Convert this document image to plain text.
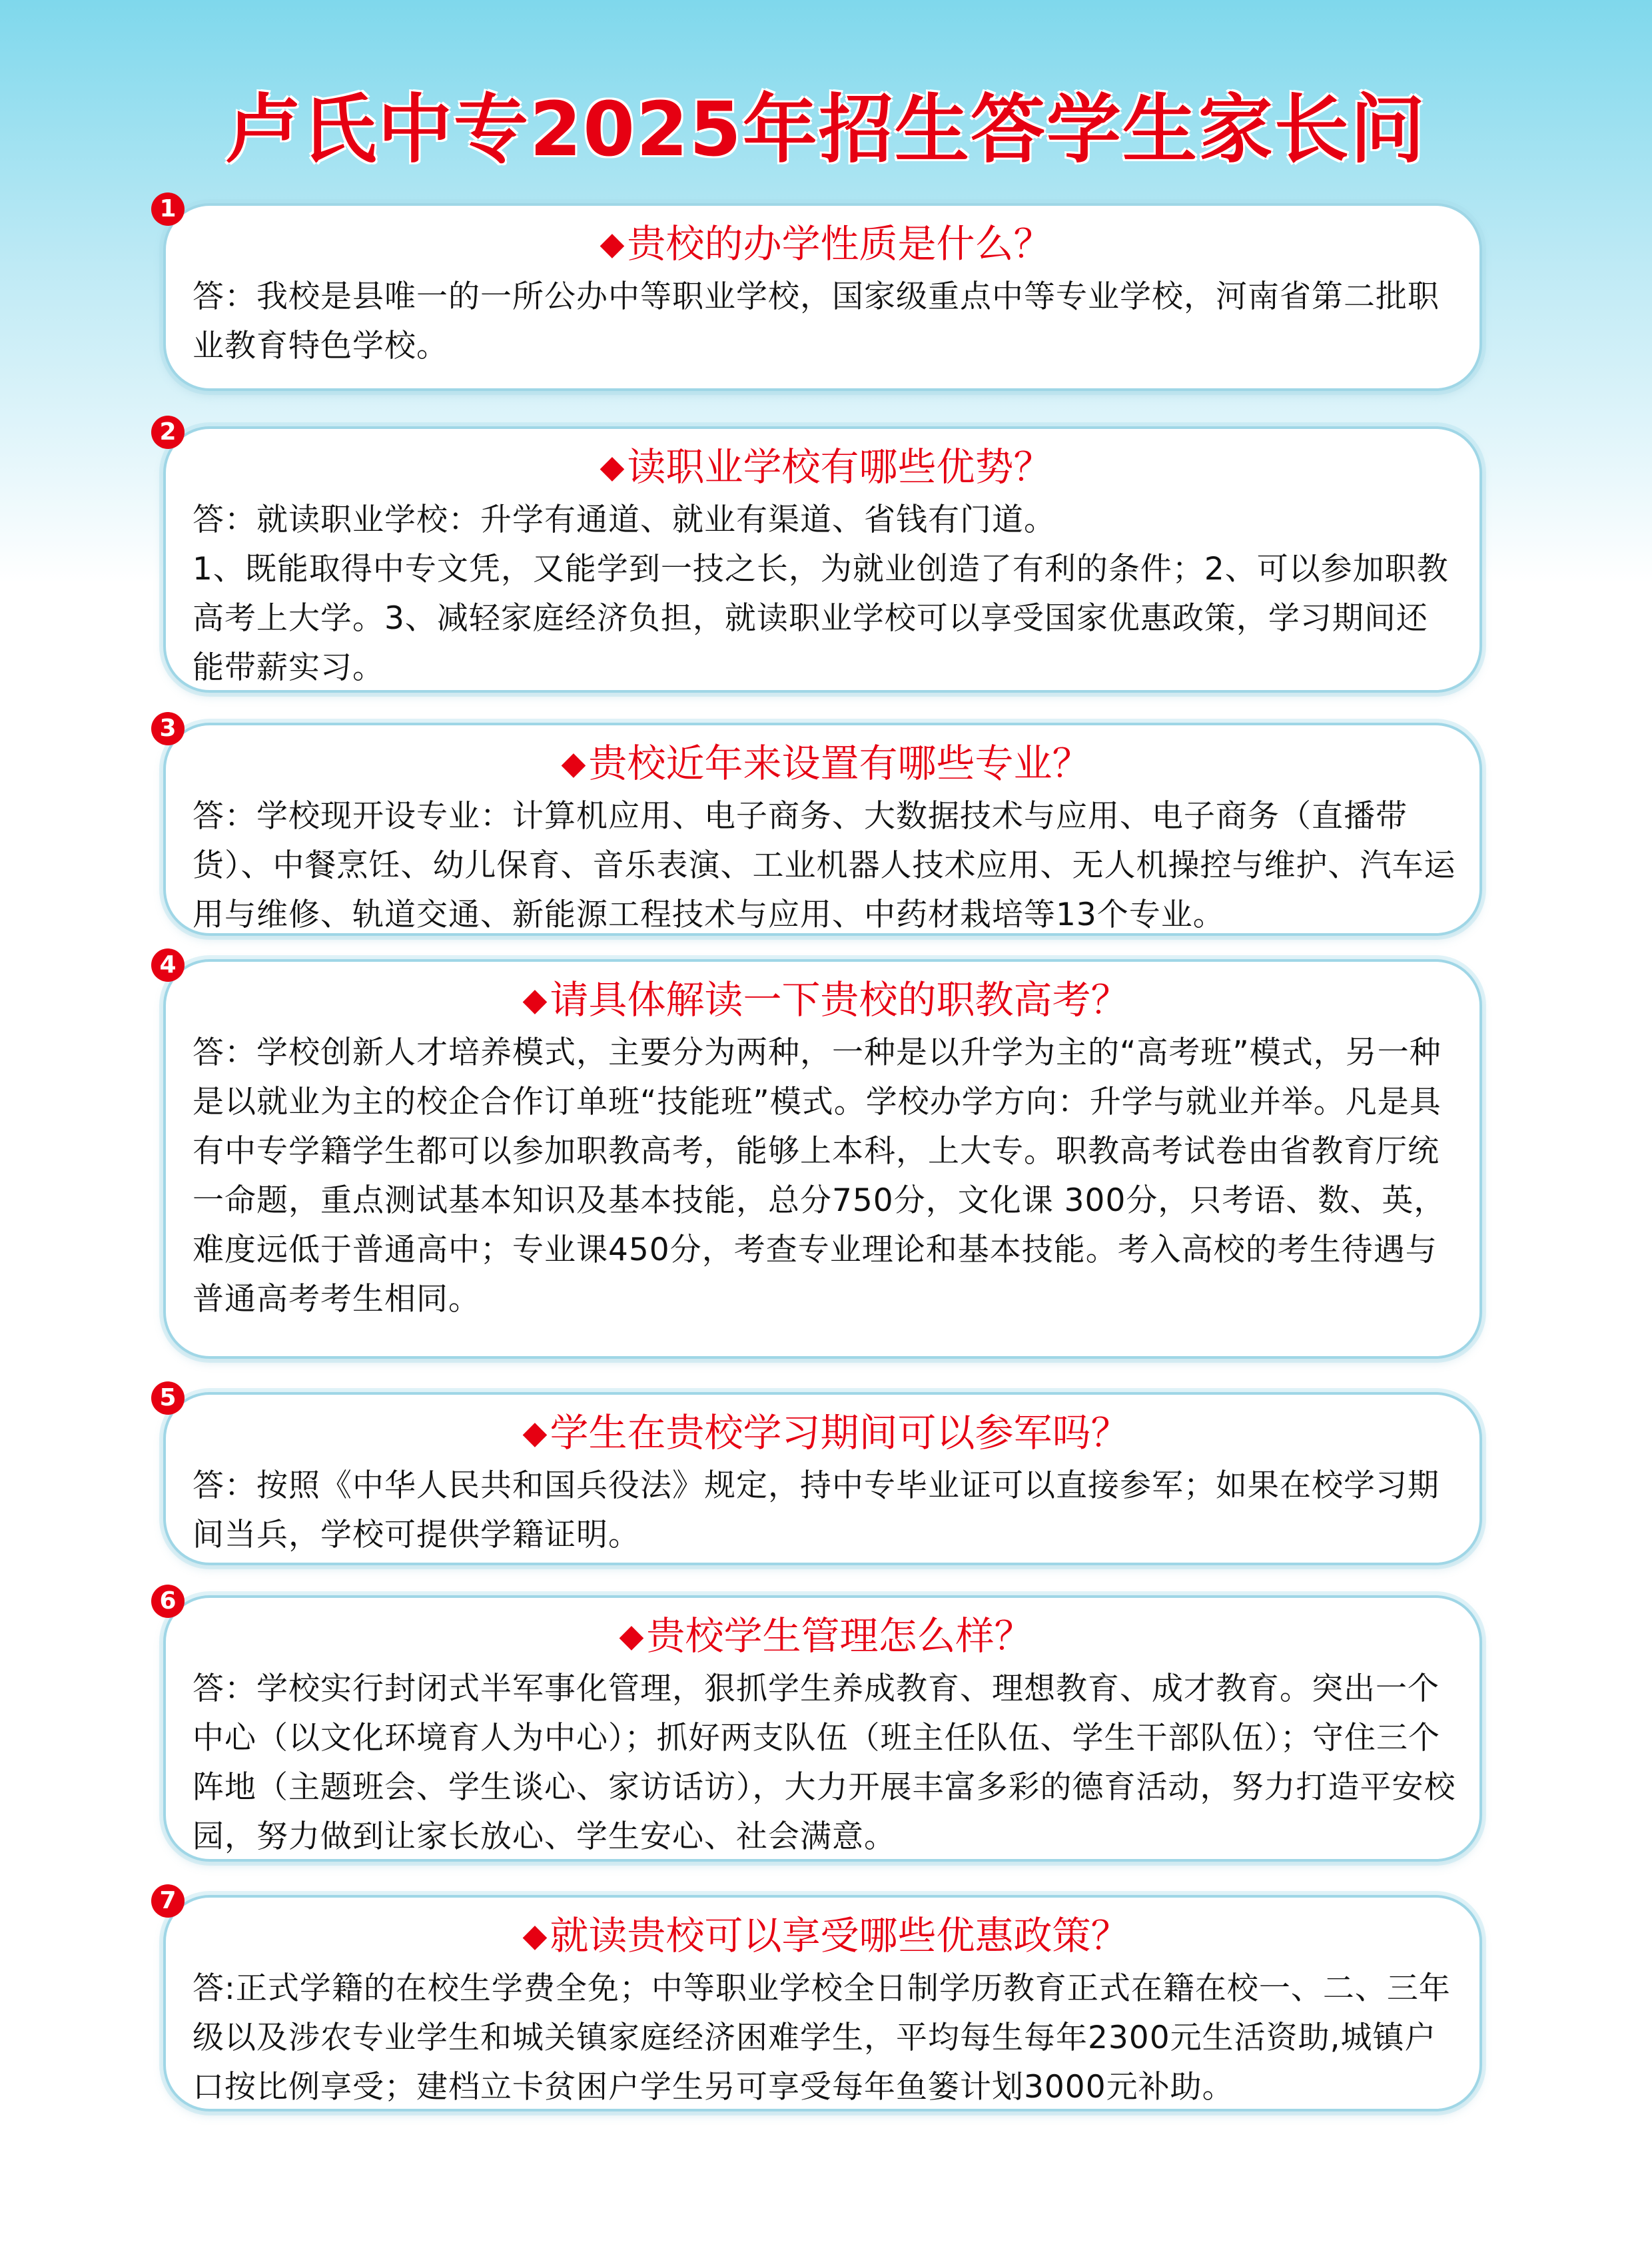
卢氏中专2025年招生答学生家长问
1
◆贵校的办学性质是什么？
答：我校是县唯一的一所公办中等职业学校，国家级重点中等专业学校，河南省第二批职业教育特色学校。
2
◆读职业学校有哪些优势？
答：就读职业学校：升学有通道、就业有渠道、省钱有门道。
1、既能取得中专文凭，又能学到一技之长，为就业创造了有利的条件；2、可以参加职教高考上大学。3、减轻家庭经济负担，就读职业学校可以享受国家优惠政策，学习期间还能带薪实习。
3
◆贵校近年来设置有哪些专业？
答：学校现开设专业：计算机应用、电子商务、大数据技术与应用、电子商务（直播带货）、中餐烹饪、幼儿保育、音乐表演、工业机器人技术应用、无人机操控与维护、汽车运用与维修、轨道交通、新能源工程技术与应用、中药材栽培等13个专业。
4
◆请具体解读一下贵校的职教高考？
答：学校创新人才培养模式，主要分为两种，一种是以升学为主的“高考班”模式，另一种是以就业为主的校企合作订单班“技能班”模式。学校办学方向：升学与就业并举。凡是具有中专学籍学生都可以参加职教高考，能够上本科，上大专。职教高考试卷由省教育厅统一命题，重点测试基本知识及基本技能，总分750分，文化课 300分，只考语、数、英，难度远低于普通高中；专业课450分，考查专业理论和基本技能。考入高校的考生待遇与普通高考考生相同。
5
◆学生在贵校学习期间可以参军吗？
答：按照《中华人民共和国兵役法》规定，持中专毕业证可以直接参军；如果在校学习期间当兵，学校可提供学籍证明。
6
◆贵校学生管理怎么样？
答：学校实行封闭式半军事化管理，狠抓学生养成教育、理想教育、成才教育。突出一个中心（以文化环境育人为中心）；抓好两支队伍（班主任队伍、学生干部队伍）；守住三个阵地（主题班会、学生谈心、家访话访），大力开展丰富多彩的德育活动，努力打造平安校园，努力做到让家长放心、学生安心、社会满意。
7
◆就读贵校可以享受哪些优惠政策？
答:正式学籍的在校生学费全免；中等职业学校全日制学历教育正式在籍在校一、二、三年级以及涉农专业学生和城关镇家庭经济困难学生，平均每生每年2300元生活资助,城镇户口按比例享受；建档立卡贫困户学生另可享受每年鱼篓计划3000元补助。
